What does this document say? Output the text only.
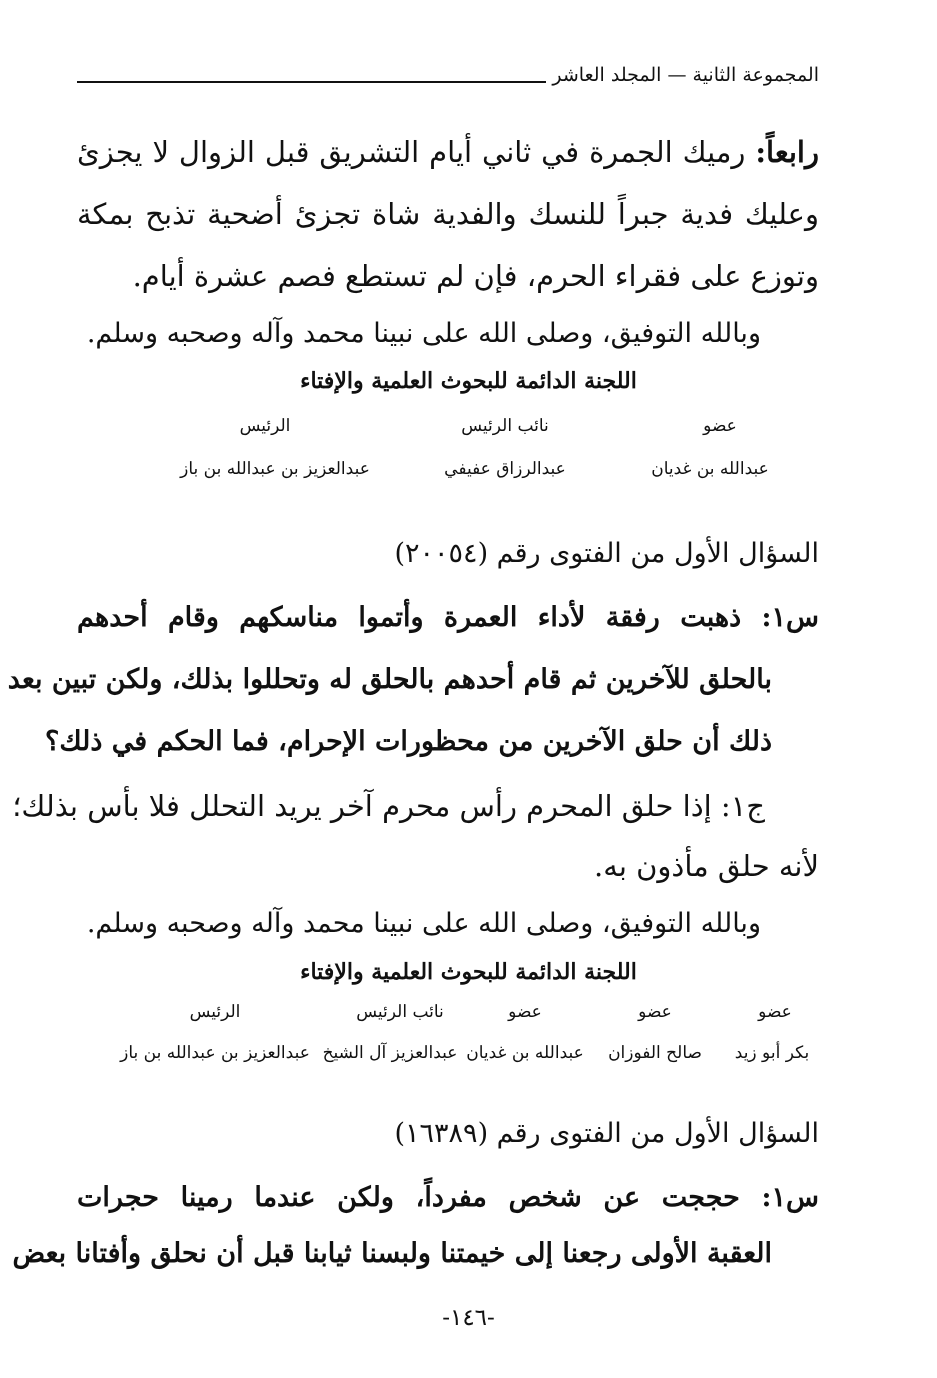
المجموعة الثانية — المجلد العاشر
رابعاً: رميك الجمرة في ثاني أيام التشريق قبل الزوال لا يجزئ
وعليك فدية جبراً للنسك والفدية شاة تجزئ أضحية تذبح بمكة
وتوزع على فقراء الحرم، فإن لم تستطع فصم عشرة أيام.
وبالله التوفيق، وصلى الله على نبينا محمد وآله وصحبه وسلم.
اللجنة الدائمة للبحوث العلمية والإفتاء
عضو
نائب الرئيس
الرئيس
عبدالله بن غديان
عبدالرزاق عفيفي
عبدالعزيز بن عبدالله بن باز
السؤال الأول من الفتوى رقم (٢٠٠٥٤)
س١: ذهبت رفقة لأداء العمرة وأتموا مناسكهم وقام أحدهم
بالحلق للآخرين ثم قام أحدهم بالحلق له وتحللوا بذلك، ولكن تبين بعد
ذلك أن حلق الآخرين من محظورات الإحرام، فما الحكم في ذلك؟
ج١: إذا حلق المحرم رأس محرم آخر يريد التحلل فلا بأس بذلك؛
لأنه حلق مأذون به.
وبالله التوفيق، وصلى الله على نبينا محمد وآله وصحبه وسلم.
اللجنة الدائمة للبحوث العلمية والإفتاء
عضو
عضو
عضو
نائب الرئيس
الرئيس
بكر أبو زيد
صالح الفوزان
عبدالله بن غديان
عبدالعزيز آل الشيخ
عبدالعزيز بن عبدالله بن باز
السؤال الأول من الفتوى رقم (١٦٣٨٩)
س١: حججت عن شخص مفرداً، ولكن عندما رمينا حجرات
العقبة الأولى رجعنا إلى خيمتنا ولبسنا ثيابنا قبل أن نحلق وأفتانا بعض
-١٤٦-
